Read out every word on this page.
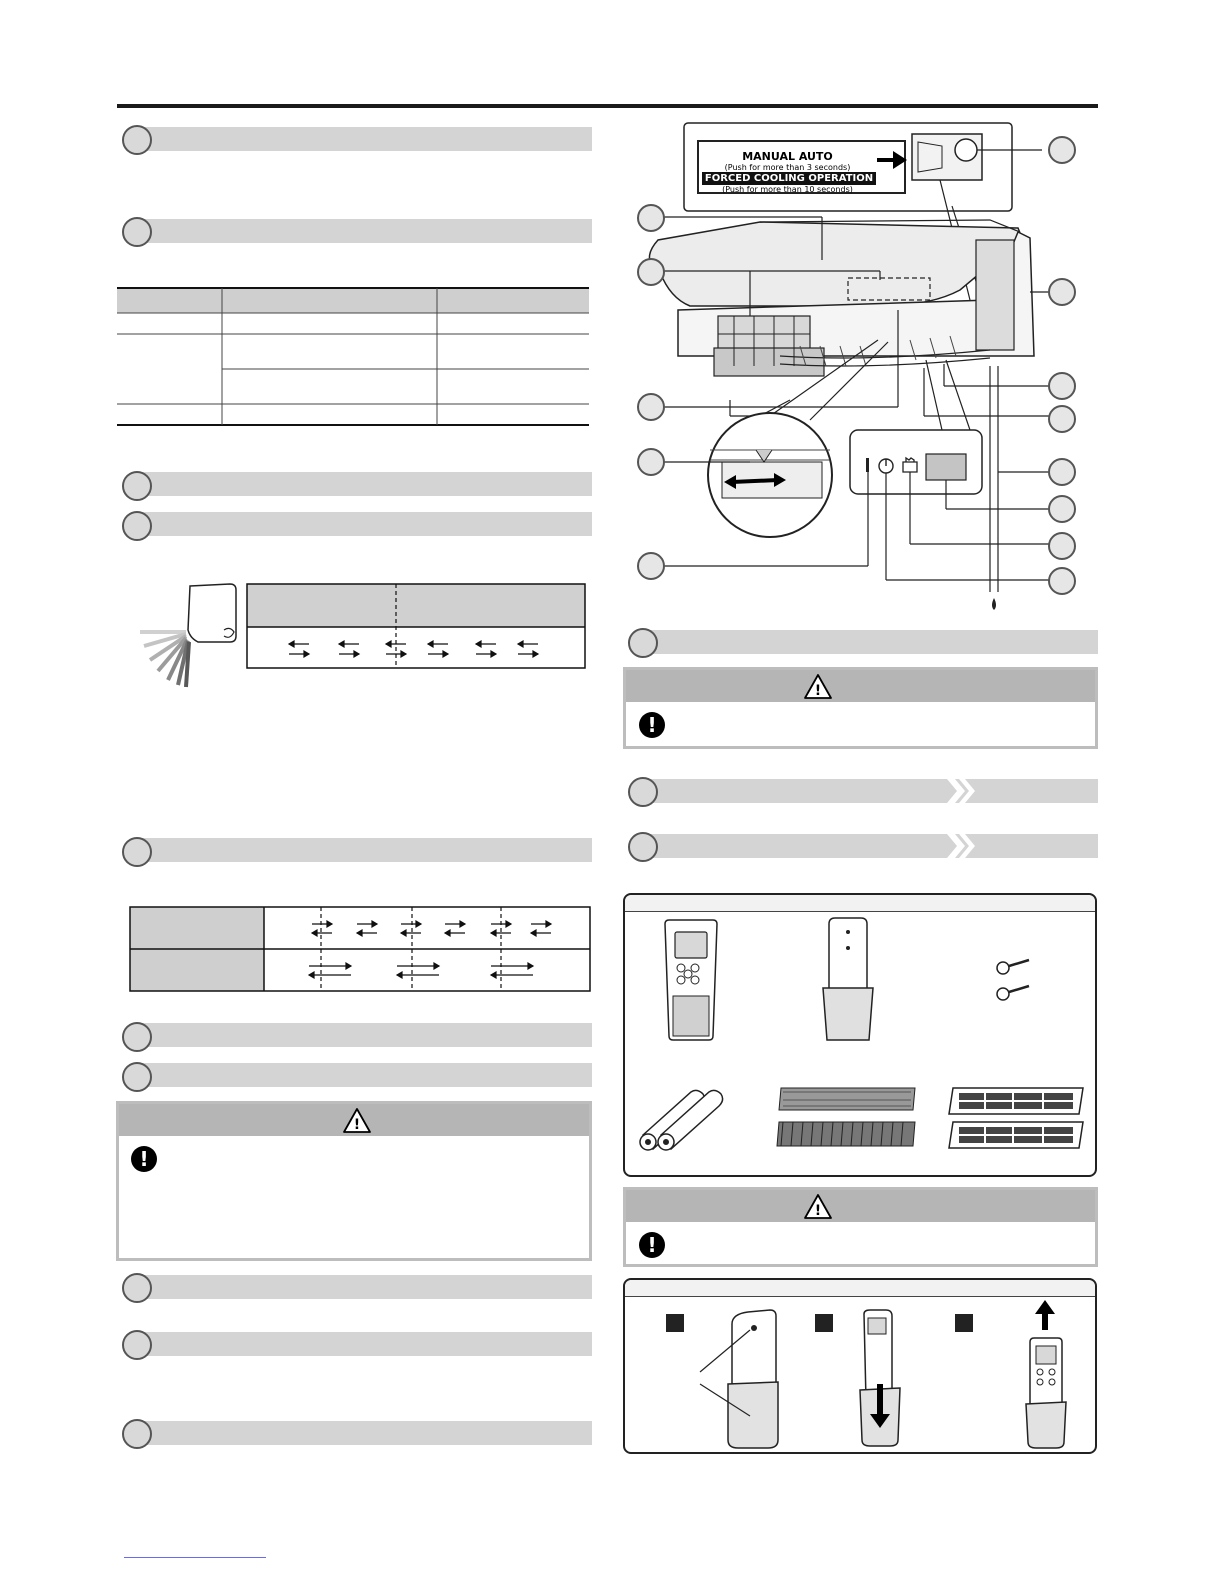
!
!
MANUAL AUTO
(Push for more than 3 seconds)
FORCED COOLING OPERATION
(Push for more than 10 seconds)
!
!
!
!
